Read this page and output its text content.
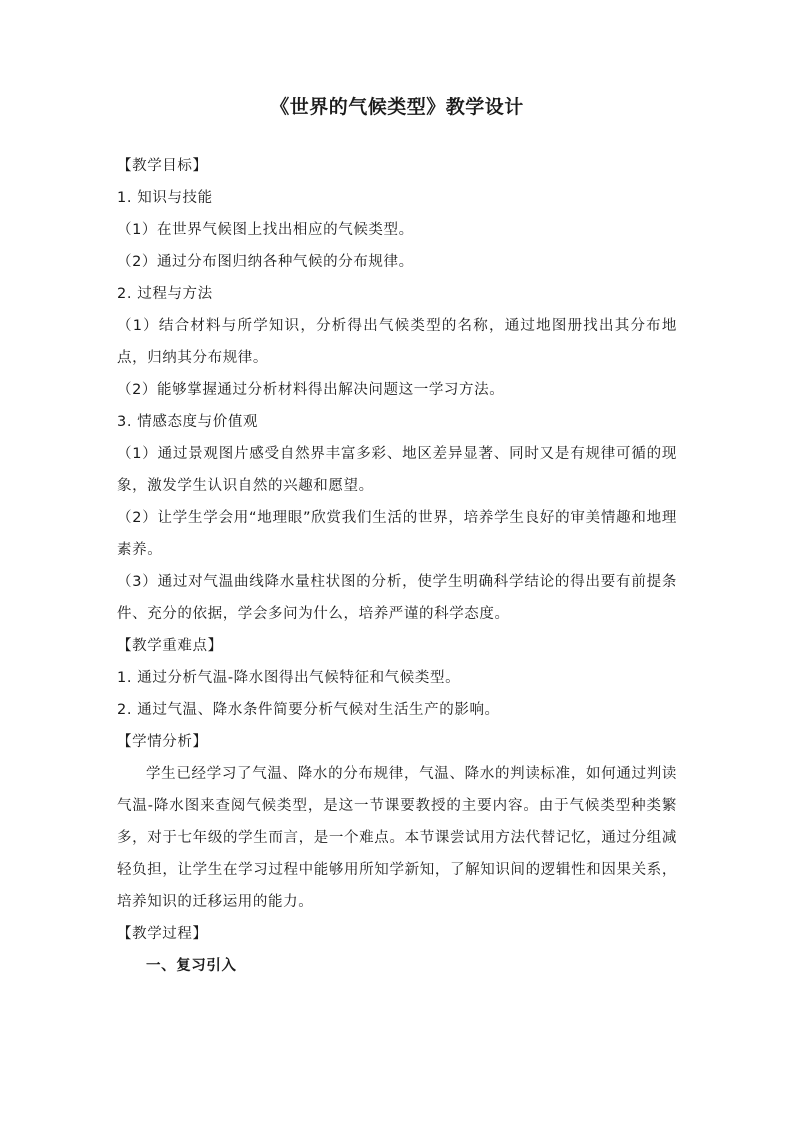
《世界的气候类型》教学设计
【教学目标】
1. 知识与技能
（1）在世界气候图上找出相应的气候类型。
（2）通过分布图归纳各种气候的分布规律。
2. 过程与方法
（1）结合材料与所学知识，分析得出气候类型的名称，通过地图册找出其分布地点，归纳其分布规律。
（2）能够掌握通过分析材料得出解决问题这一学习方法。
3. 情感态度与价值观
（1）通过景观图片感受自然界丰富多彩、地区差异显著、同时又是有规律可循的现象，激发学生认识自然的兴趣和愿望。
（2）让学生学会用“地理眼”欣赏我们生活的世界，培养学生良好的审美情趣和地理素养。
（3）通过对气温曲线降水量柱状图的分析，使学生明确科学结论的得出要有前提条件、充分的依据，学会多问为什么，培养严谨的科学态度。
【教学重难点】
1. 通过分析气温-降水图得出气候特征和气候类型。
2. 通过气温、降水条件简要分析气候对生活生产的影响。
【学情分析】
学生已经学习了气温、降水的分布规律，气温、降水的判读标准，如何通过判读气温-降水图来查阅气候类型，是这一节课要教授的主要内容。由于气候类型种类繁多，对于七年级的学生而言，是一个难点。本节课尝试用方法代替记忆，通过分组减轻负担，让学生在学习过程中能够用所知学新知，了解知识间的逻辑性和因果关系，培养知识的迁移运用的能力。
【教学过程】
一、复习引入
